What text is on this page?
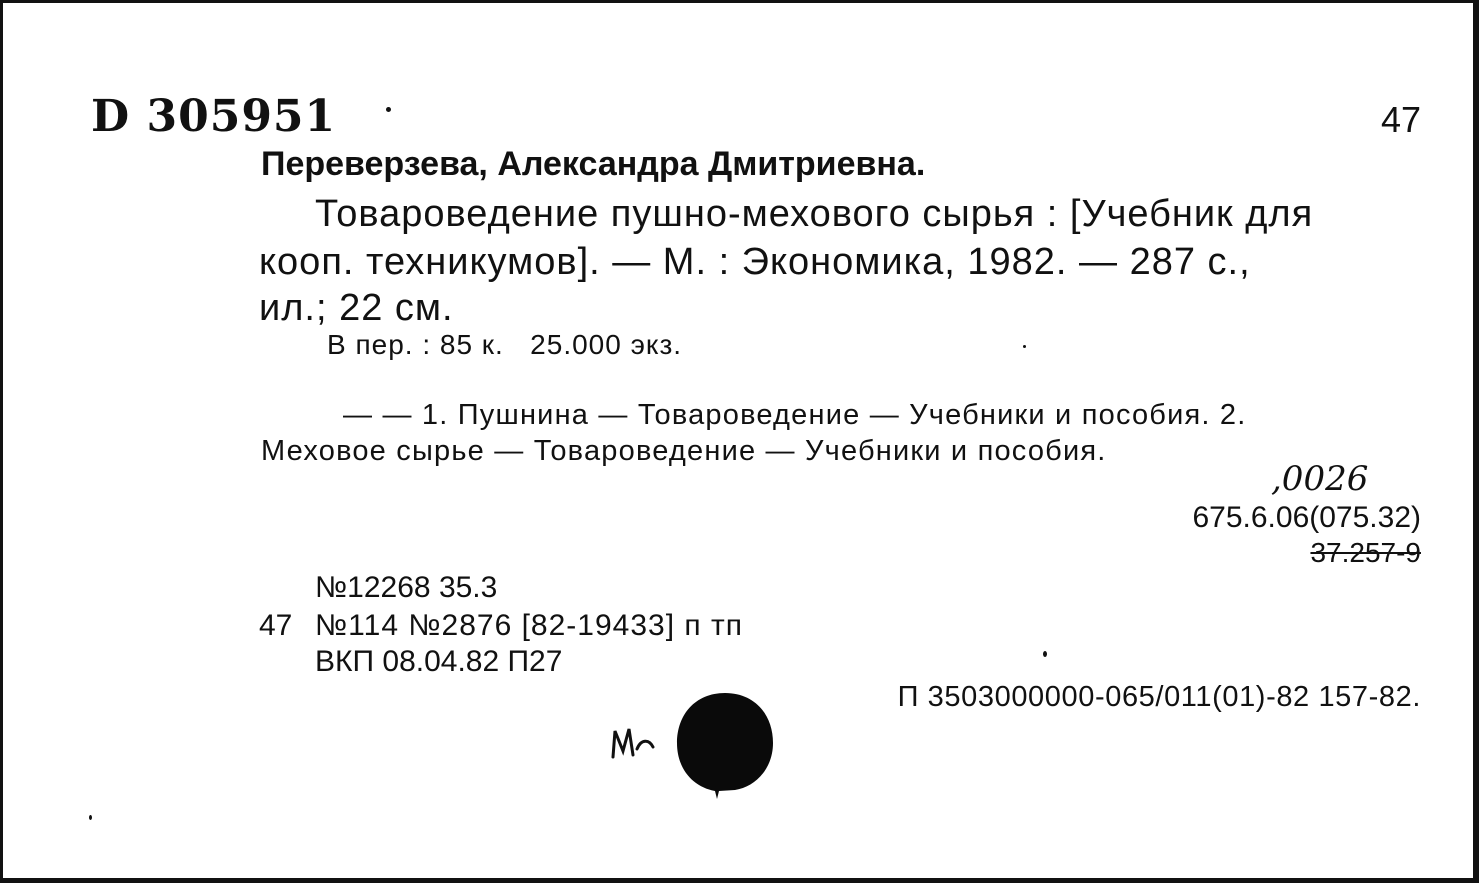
D 305951	47
Переверзева, Александра Дмитриевна.
Товароведение пушно-мехового сырья : [Учебник для
кооп. техникумов]. — М. : Экономика, 1982. — 287 с.,
ил.; 22 см.
В пер. : 85 к.   25.000 экз.
— — 1. Пушнина — Товароведение — Учебники и пособия. 2.
Меховое сырье — Товароведение — Учебники и пособия.
,0026
675.6.06(075.32)
37.257-9
№12268 35.3
47 №114 №2876 [82-19433] п тп
ВКП 08.04.82 П27
П 3503000000-065/011(01)-82 157-82.
